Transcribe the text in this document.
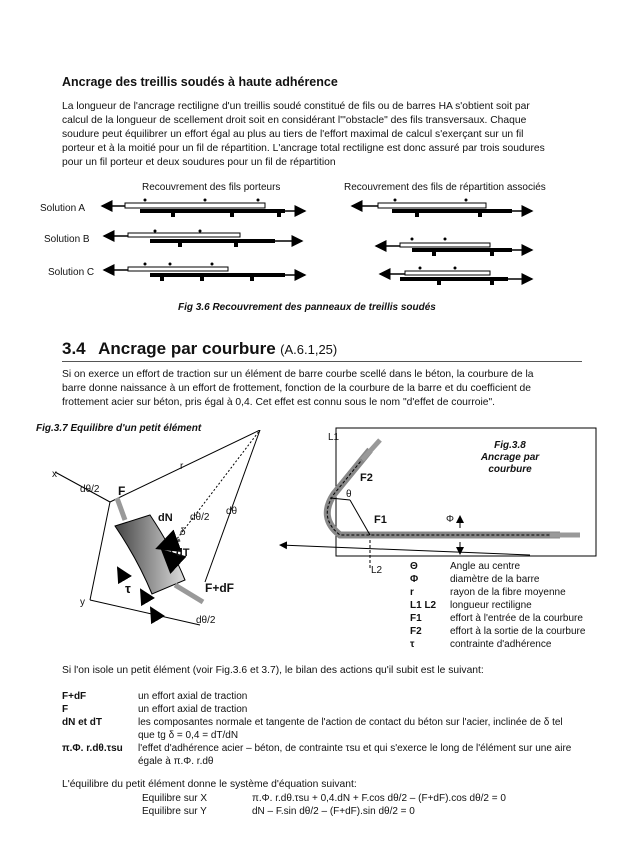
Ancrage des treillis soudés à haute adhérence
La longueur de l'ancrage rectiligne d'un treillis soudé constitué de fils ou de barres HA s'obtient soit par
calcul de la longueur de scellement droit soit en considérant l'"obstacle" des fils transversaux. Chaque
soudure peut équilibrer un effort égal au plus au tiers de l'effort maximal de calcul s'exerçant sur un fil
porteur et à la moitié pour un fil de répartition. L'ancrage total rectiligne est donc assuré par trois soudures
pour un fil porteur et deux soudures pour un fil de répartition
Recouvrement des fils porteurs	Recouvrement des fils de répartition associés
Solution A
Solution B
Solution C
Fig 3.6 Recouvrement des panneaux de treillis soudés
3.4 Ancrage par courbure (A.6.1,25)
Si on exerce un effort de traction sur un élément de barre courbe scellé dans le béton, la courbure de la
barre donne naissance à un effort de frottement, fonction de la courbure de la barre et du coefficient de
frottement acier sur béton, pris égal à 0,4. Cet effet est connu sous le nom "d'effet de courroie".
Fig.3.7 Equilibre d'un petit élément
x
y
r
dθ/2 F
dN dθ/2
dθ
δ
dT
τ	F+dF
dθ/2
L1
F2
θ
F1	Φ
L2
Fig.3.8
Ancrage par
courbure
Θ	Angle au centre
Φ	diamètre de la barre
r	rayon de la fibre moyenne
L1 L2	longueur rectiligne
F1	effort à l'entrée de la courbure
F2	effort à la sortie de la courbure
τ	contrainte d'adhérence
Si l'on isole un petit élément (voir Fig.3.6 et 3.7), le bilan des actions qu'il subit est le suivant:
F+dF	un effort axial de traction
F	un effort axial de traction
dN et dT	les composantes normale et tangente de l'action de contact du béton sur l'acier, inclinée de δ tel que tg δ = 0,4 = dT/dN
π.Φ. r.dθ.τsu	l'effet d'adhérence acier – béton, de contrainte τsu et qui s'exerce le long de l'élément sur une aire égale à π.Φ. r.dθ
L'équilibre du petit élément donne le système d'équation suivant:
Equilibre sur X	π.Φ. r.dθ.τsu + 0,4.dN + F.cos dθ/2 – (F+dF).cos dθ/2 = 0
Equilibre sur Y	dN – F.sin dθ/2 – (F+dF).sin dθ/2 = 0
